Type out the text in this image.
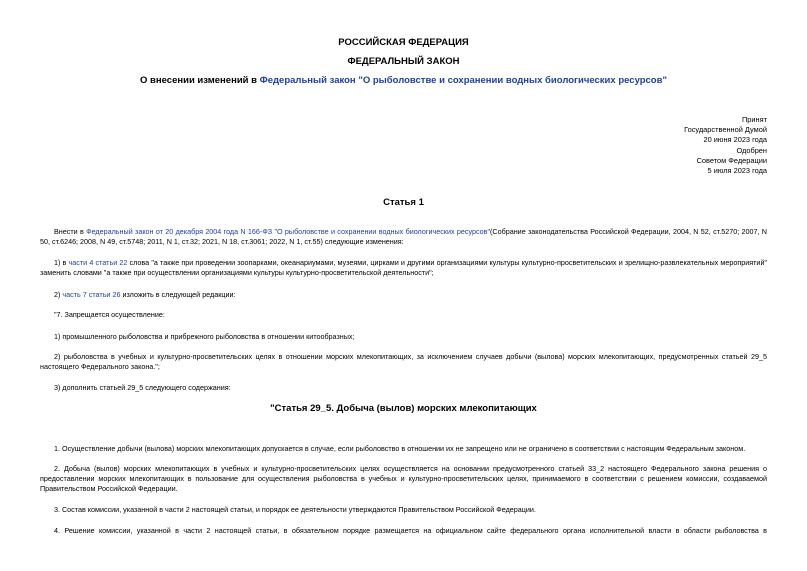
РОССИЙСКАЯ ФЕДЕРАЦИЯ
ФЕДЕРАЛЬНЫЙ ЗАКОН
О внесении изменений в Федеральный закон "О рыболовстве и сохранении водных биологических ресурсов"
Принят
Государственной Думой
20 июня 2023 года
Одобрен
Советом Федерации
5 июля 2023 года
Статья 1

Внести в Федеральный закон от 20 декабря 2004 года N 166-ФЗ "О рыболовстве и сохранении водных биологических ресурсов"(Собрание законодательства Российской Федерации, 2004, N 52, ст.5270; 2007, N 50, ст.6246; 2008, N 49, ст.5748; 2011, N 1, ст.32; 2021, N 18, ст.3061; 2022, N 1, ст.55) следующие изменения:

1) в части 4 статьи 22 слова "а также при проведении зоопарками, океанариумами, музеями, цирками и другими организациями культуры культурно-просветительских и зрелищно-развлекательных мероприятий" заменить словами "а также при осуществлении организациями культуры культурно-просветительской деятельности";

2) часть 7 статьи 26 изложить в следующей редакции:

"7. Запрещается осуществление:

1) промышленного рыболовства и прибрежного рыболовства в отношении китообразных;

2) рыболовства в учебных и культурно-просветительских целях в отношении морских млекопитающих, за исключением случаев добычи (вылова) морских млекопитающих, предусмотренных статьей 29_5 настоящего Федерального закона.";

3) дополнить статьей 29_5 следующего содержания:

"Статья 29_5. Добыча (вылов) морских млекопитающих

1. Осуществление добычи (вылова) морских млекопитающих допускается в случае, если рыболовство в отношении их не запрещено или не ограничено в соответствии с настоящим Федеральным законом.

2. Добыча (вылов) морских млекопитающих в учебных и культурно-просветительских целях осуществляется на основании предусмотренного статьей 33_2 настоящего Федерального закона решения о предоставлении морских млекопитающих в пользование для осуществления рыболовства в учебных и культурно-просветительских целях, принимаемого в соответствии с решением комиссии, создаваемой Правительством Российской Федерации.

3. Состав комиссии, указанной в части 2 настоящей статьи, и порядок ее деятельности утверждаются Правительством Российской Федерации.

4. Решение комиссии, указанной в части 2 настоящей статьи, в обязательном порядке размещается на официальном сайте федерального органа исполнительной власти в области рыболовства в
